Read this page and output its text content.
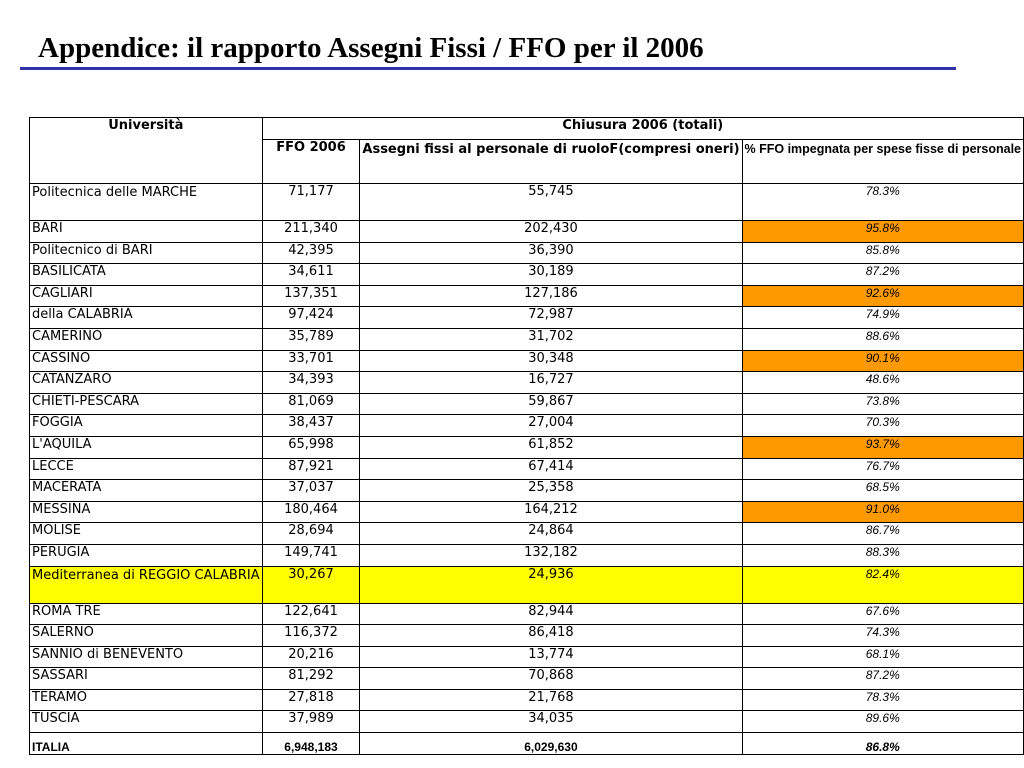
Appendice: il rapporto Assegni Fissi / FFO per il 2006
Università	Chiusura 2006 (totali)		
	FFO 2006	Assegni fissi al personale di ruoloF(compresi oneri)	% FFO impegnata per spese fisse di personale
Politecnica delle MARCHE	71,177	55,745	78.3%
BARI	211,340	202,430	95.8%
Politecnico di BARI	42,395	36,390	85.8%
BASILICATA	34,611	30,189	87.2%
CAGLIARI	137,351	127,186	92.6%
della CALABRIA	97,424	72,987	74.9%
CAMERINO	35,789	31,702	88.6%
CASSINO	33,701	30,348	90.1%
CATANZARO	34,393	16,727	48.6%
CHIETI-PESCARA	81,069	59,867	73.8%
FOGGIA	38,437	27,004	70.3%
L'AQUILA	65,998	61,852	93.7%
LECCE	87,921	67,414	76.7%
MACERATA	37,037	25,358	68.5%
MESSINA	180,464	164,212	91.0%
MOLISE	28,694	24,864	86.7%
PERUGIA	149,741	132,182	88.3%
Mediterranea di REGGIO CALABRIA	30,267	24,936	82.4%
ROMA TRE	122,641	82,944	67.6%
SALERNO	116,372	86,418	74.3%
SANNIO di BENEVENTO	20,216	13,774	68.1%
SASSARI	81,292	70,868	87.2%
TERAMO	27,818	21,768	78.3%
TUSCIA	37,989	34,035	89.6%
ITALIA	6,948,183	6,029,630	86.8%
